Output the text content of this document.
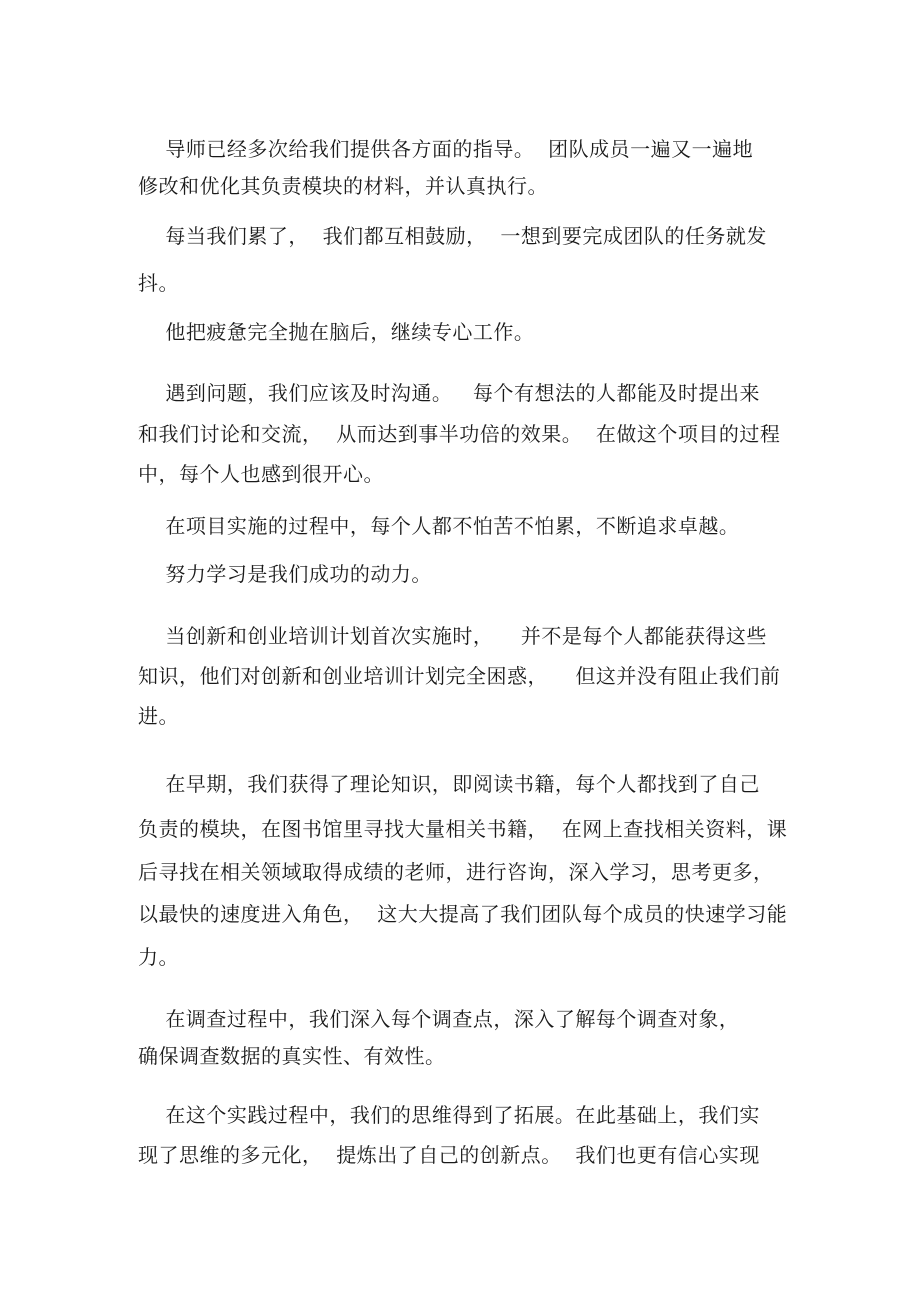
导师已经多次给我们提供各方面的指导。  团队成员一遍又一遍地
修改和优化其负责模块的材料，并认真执行。
每当我们累了，  我们都互相鼓励，  一想到要完成团队的任务就发
抖。
他把疲惫完全抛在脑后，继续专心工作。
遇到问题，我们应该及时沟通。   每个有想法的人都能及时提出来
和我们讨论和交流，  从而达到事半功倍的效果。  在做这个项目的过程
中，每个人也感到很开心。
在项目实施的过程中，每个人都不怕苦不怕累，不断追求卓越。
努力学习是我们成功的动力。
当创新和创业培训计划首次实施时，    并不是每个人都能获得这些
知识，他们对创新和创业培训计划完全困惑，    但这并没有阻止我们前
进。
在早期，我们获得了理论知识，即阅读书籍，每个人都找到了自己
负责的模块，在图书馆里寻找大量相关书籍，  在网上查找相关资料，课
后寻找在相关领域取得成绩的老师，进行咨询，深入学习，思考更多，
以最快的速度进入角色，  这大大提高了我们团队每个成员的快速学习能
力。
在调查过程中，我们深入每个调查点，深入了解每个调查对象，
确保调查数据的真实性、有效性。
在这个实践过程中，我们的思维得到了拓展。在此基础上，我们实
现了思维的多元化，  提炼出了自己的创新点。  我们也更有信心实现
